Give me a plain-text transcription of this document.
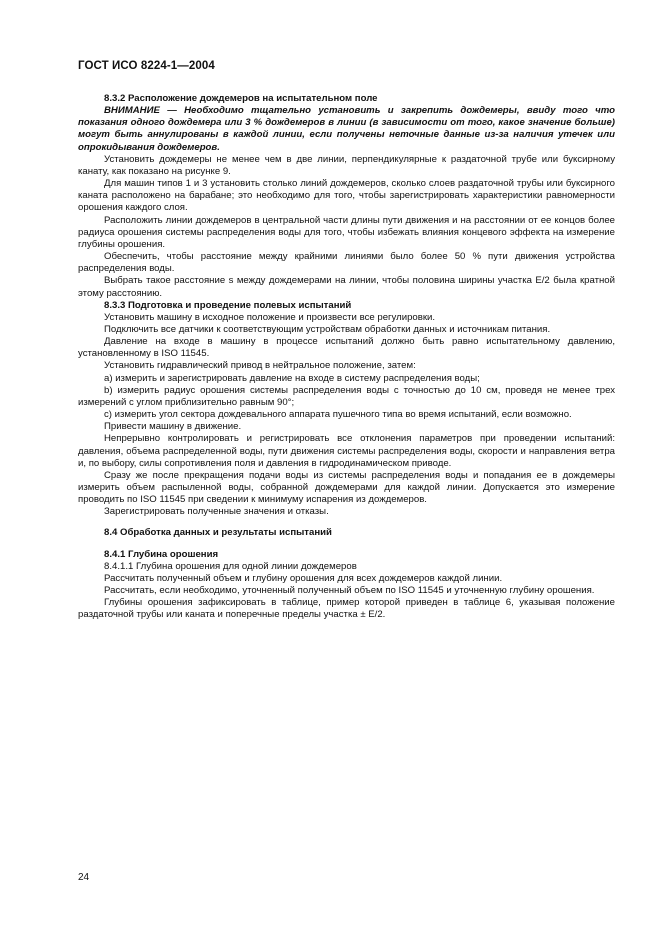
ГОСТ ИСО 8224-1—2004

8.3.2 Расположение дождемеров на испытательном поле

ВНИМАНИЕ — Необходимо тщательно установить и закрепить дождемеры, ввиду того что показания одного дождемера или 3 % дождемеров в линии (в зависимости от того, какое значение больше) могут быть аннулированы в каждой линии, если получены неточные данные из-за наличия утечек или опрокидывания дождемеров.

Установить дождемеры не менее чем в две линии, перпендикулярные к раздаточной трубе или буксирному канату, как показано на рисунке 9.

Для машин типов 1 и 3 установить столько линий дождемеров, сколько слоев раздаточной трубы или буксирного каната расположено на барабане; это необходимо для того, чтобы зарегистрировать характеристики равномерности орошения каждого слоя.

Расположить линии дождемеров в центральной части длины пути движения и на расстоянии от ее концов более радиуса орошения системы распределения воды для того, чтобы избежать влияния концевого эффекта на измерение глубины орошения.

Обеспечить, чтобы расстояние между крайними линиями было более 50 % пути движения устройства распределения воды.

Выбрать такое расстояние s между дождемерами на линии, чтобы половина ширины участка E/2 была кратной этому расстоянию.

8.3.3 Подготовка и проведение полевых испытаний

Установить машину в исходное положение и произвести все регулировки.

Подключить все датчики к соответствующим устройствам обработки данных и источникам питания.

Давление на входе в машину в процессе испытаний должно быть равно испытательному давлению, установленному в ISO 11545.

Установить гидравлический привод в нейтральное положение, затем:

а) измерить и зарегистрировать давление на входе в систему распределения воды;

b) измерить радиус орошения системы распределения воды с точностью до 10 см, проведя не менее трех измерений с углом приблизительно равным 90°;

с) измерить угол сектора дождевального аппарата пушечного типа во время испытаний, если возможно.

Привести машину в движение.

Непрерывно контролировать и регистрировать все отклонения параметров при проведении испытаний: давления, объема распределенной воды, пути движения системы распределения воды, скорости и направления ветра и, по выбору, силы сопротивления поля и давления в гидродинамическом приводе.

Сразу же после прекращения подачи воды из системы распределения воды и попадания ее в дождемеры измерить объем распыленной воды, собранной дождемерами для каждой линии. Допускается это измерение проводить по ISO 11545 при сведении к минимуму испарения из дождемеров.

Зарегистрировать полученные значения и отказы.

8.4 Обработка данных и результаты испытаний

8.4.1 Глубина орошения

8.4.1.1 Глубина орошения для одной линии дождемеров

Рассчитать полученный объем и глубину орошения для всех дождемеров каждой линии.

Рассчитать, если необходимо, уточненный полученный объем по ISO 11545 и уточненную глубину орошения.

Глубины орошения зафиксировать в таблице, пример которой приведен в таблице 6, указывая положение раздаточной трубы или каната и поперечные пределы участка ± E/2.

24
